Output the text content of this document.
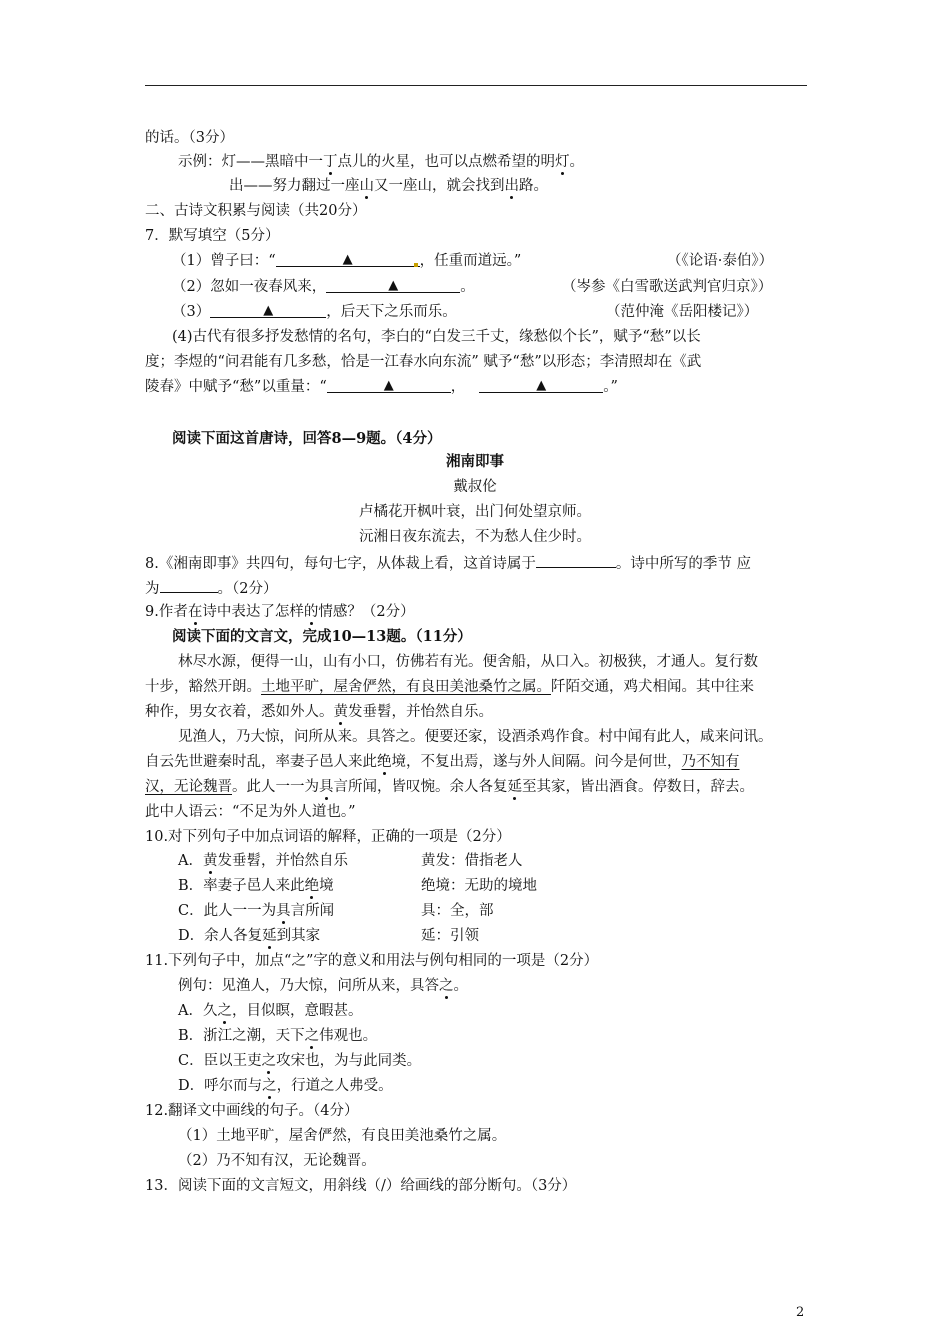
的话。（3分）
示例：灯——黑暗中一丁点儿的火星，也可以点燃希望的明灯。
出——努力翻过一座山又一座山，就会找到出路。
二、古诗文积累与阅读（共20分）
7．默写填空（5分）
（1）曾子曰：“	▲	，任重而道远。”	（《论语·泰伯》）
（2）忽如一夜春风来，	▲	。	（岑参《白雪歌送武判官归京》）
（3）	▲	，后天下之乐而乐。	（范仲淹《岳阳楼记》）
(4)古代有很多抒发愁情的名句，李白的“白发三千丈，缘愁似个长”，赋予“愁”以长
度；李煜的“问君能有几多愁，恰是一江春水向东流” 赋予“愁”以形态；李清照却在《武
陵春》中赋予“愁”以重量：“	▲	，	▲	。”
阅读下面这首唐诗，回答8—9题。（4分）
湘南即事
戴叔伦
卢橘花开枫叶衰，出门何处望京师。
沅湘日夜东流去，不为愁人住少时。
8.《湘南即事》共四句，每句七字，从体裁上看，这首诗属于	。诗中所写的季节 应
为	。（2分）
9.作者在诗中表达了怎样的情感？（2分）
阅读下面的文言文，完成10—13题。（11分）
林尽水源，便得一山，山有小口，仿佛若有光。便舍船，从口入。初极狭，才通人。复行数
十步，豁然开朗。土地平旷，屋舍俨然，有良田美池桑竹之属。阡陌交通，鸡犬相闻。其中往来
种作，男女衣着，悉如外人。黄发垂髫，并怡然自乐。
见渔人，乃大惊，问所从来。具答之。便要还家，设酒杀鸡作食。村中闻有此人，咸来问讯。
自云先世避秦时乱，率妻子邑人来此绝境，不复出焉，遂与外人间隔。问今是何世，乃不知有
汉，无论魏晋。此人一一为具言所闻，皆叹惋。余人各复延至其家，皆出酒食。停数日，辞去。
此中人语云：“不足为外人道也。”
10.对下列句子中加点词语的解释，正确的一项是（2分）
A．黄发垂髫，并怡然自乐	黄发：借指老人
B．率妻子邑人来此绝境	绝境：无助的境地
C．此人一一为具言所闻	具：全，部
D．余人各复延到其家	延：引领
11.下列句子中，加点“之”字的意义和用法与例句相同的一项是（2分）
例句：见渔人，乃大惊，问所从来，具答之。
A．久之，目似瞑，意暇甚。
B．浙江之潮，天下之伟观也。
C．臣以王吏之攻宋也，为与此同类。
D．呼尔而与之，行道之人弗受。
12.翻译文中画线的句子。（4分）
（1）土地平旷，屋舍俨然，有良田美池桑竹之属。
（2）乃不知有汉，无论魏晋。
13．阅读下面的文言短文，用斜线（/）给画线的部分断句。（3分）
2
